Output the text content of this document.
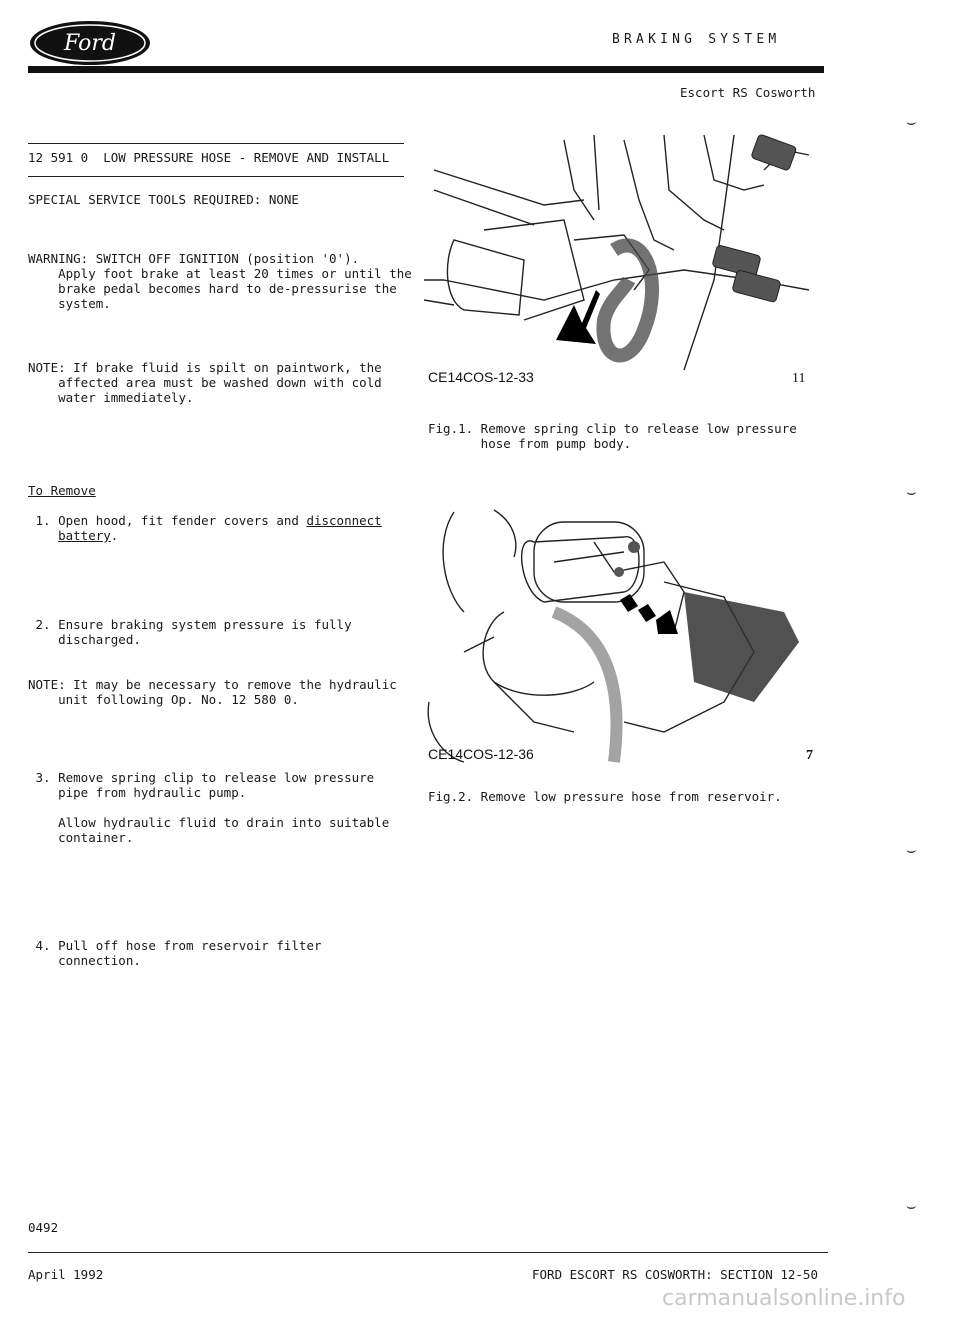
Ford	BRAKING SYSTEM
Escort RS Cosworth
12 591 0  LOW PRESSURE HOSE - REMOVE AND INSTALL
SPECIAL SERVICE TOOLS REQUIRED: NONE
WARNING: SWITCH OFF IGNITION (position '0').
Apply foot brake at least 20 times or until the
brake pedal becomes hard to de-pressurise the
system.
NOTE: If brake fluid is spilt on paintwork, the
affected area must be washed down with cold
water immediately.
To Remove
1. Open hood, fit fender covers and disconnect
battery.
2. Ensure braking system pressure is fully
discharged.
NOTE: It may be necessary to remove the hydraulic
unit following Op. No. 12 580 0.
3. Remove spring clip to release low pressure
pipe from hydraulic pump.
Allow hydraulic fluid to drain into suitable
container.
4. Pull off hose from reservoir filter
connection.
CE14COS-12-33	11
Fig.1. Remove spring clip to release low pressure
hose from pump body.
CE14COS-12-36	7
Fig.2. Remove low pressure hose from reservoir.
⌣
⌣
⌣
⌣
0492
April 1992	FORD ESCORT RS COSWORTH: SECTION 12-50
carmanualsonline.info
